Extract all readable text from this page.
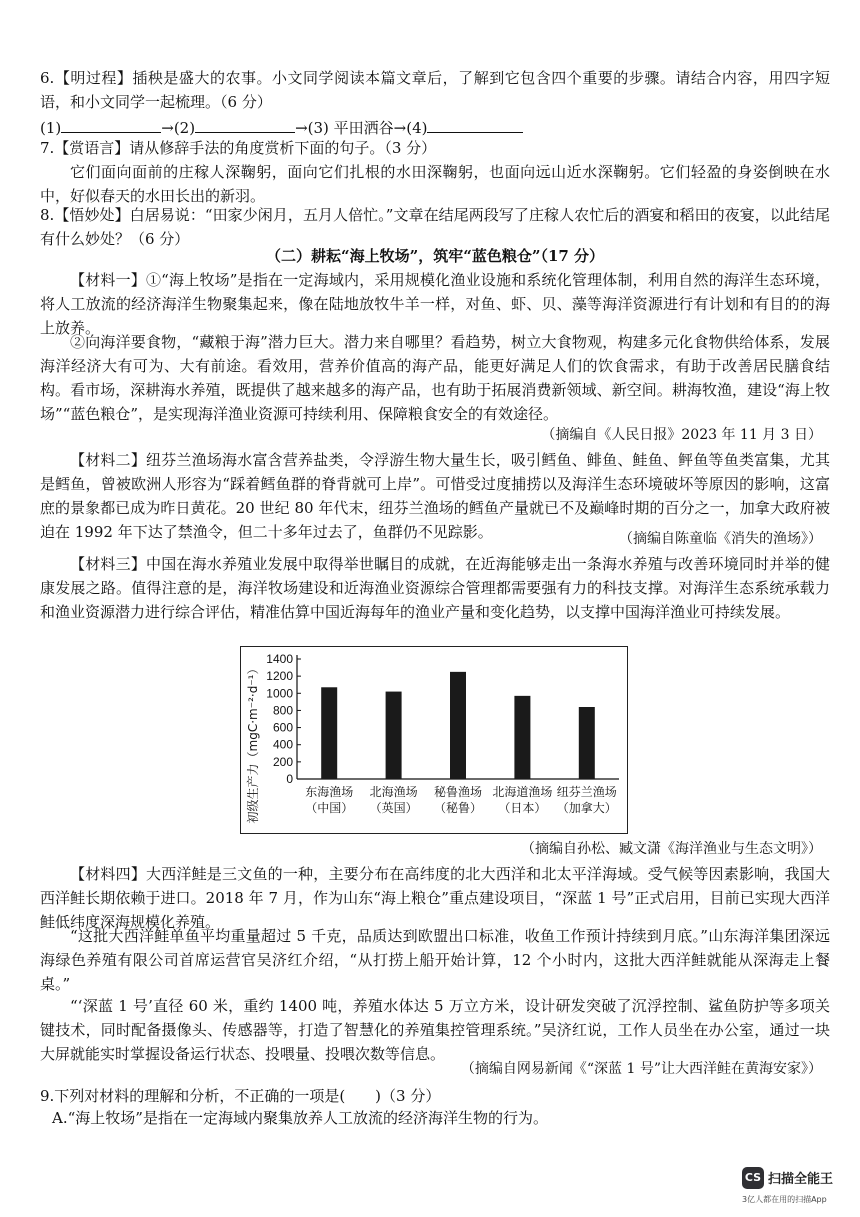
6.【明过程】插秧是盛大的农事。小文同学阅读本篇文章后，了解到它包含四个重要的步骤。请结合内容，用四字短语，和小文同学一起梳理。（6 分）
(1)	→(2)	→(3) 平田洒谷→(4)
7.【赏语言】请从修辞手法的角度赏析下面的句子。（3 分）
它们面向面前的庄稼人深鞠躬，面向它们扎根的水田深鞠躬，也面向远山近水深鞠躬。它们轻盈的身姿倒映在水中，好似春天的水田长出的新羽。
8.【悟妙处】白居易说：“田家少闲月，五月人倍忙。”文章在结尾两段写了庄稼人农忙后的酒宴和稻田的夜宴，以此结尾有什么妙处？（6 分）
（二）耕耘“海上牧场”，筑牢“蓝色粮仓”（17 分）
【材料一】①“海上牧场”是指在一定海域内，采用规模化渔业设施和系统化管理体制，利用自然的海洋生态环境，将人工放流的经济海洋生物聚集起来，像在陆地放牧牛羊一样，对鱼、虾、贝、藻等海洋资源进行有计划和有目的的海上放养。
②向海洋要食物，“藏粮于海”潜力巨大。潜力来自哪里？看趋势，树立大食物观，构建多元化食物供给体系，发展海洋经济大有可为、大有前途。看效用，营养价值高的海产品，能更好满足人们的饮食需求，有助于改善居民膳食结构。看市场，深耕海水养殖，既提供了越来越多的海产品，也有助于拓展消费新领域、新空间。耕海牧渔，建设“海上牧场”“蓝色粮仓”，是实现海洋渔业资源可持续利用、保障粮食安全的有效途径。
（摘编自《人民日报》2023 年 11 月 3 日）
【材料二】纽芬兰渔场海水富含营养盐类，令浮游生物大量生长，吸引鳕鱼、鲱鱼、鲑鱼、鲆鱼等鱼类富集，尤其是鳕鱼，曾被欧洲人形容为“踩着鳕鱼群的脊背就可上岸”。可惜受过度捕捞以及海洋生态环境破坏等原因的影响，这富庶的景象都已成为昨日黄花。20 世纪 80 年代末，纽芬兰渔场的鳕鱼产量就已不及巅峰时期的百分之一，加拿大政府被迫在 1992 年下达了禁渔令，但二十多年过去了，鱼群仍不见踪影。	（摘编自陈童临《消失的渔场》）
【材料三】中国在海水养殖业发展中取得举世瞩目的成就，在近海能够走出一条海水养殖与改善环境同时并举的健康发展之路。值得注意的是，海洋牧场建设和近海渔业资源综合管理都需要强有力的科技支撑。对海洋生态系统承载力和渔业资源潜力进行综合评估，精准估算中国近海每年的渔业产量和变化趋势，以支撑中国海洋渔业可持续发展。
0
200
400
600
800
1000
1200
1400
初级生产力（mgC·m⁻²·d⁻¹）	东海渔场
（中国）
北海渔场
（英国）
秘鲁渔场
（秘鲁）
北海道渔场
（日本）
纽芬兰渔场
（加拿大）
（摘编自孙松、臧文潇《海洋渔业与生态文明》）
【材料四】大西洋鲑是三文鱼的一种，主要分布在高纬度的北大西洋和北太平洋海域。受气候等因素影响，我国大西洋鲑长期依赖于进口。2018 年 7 月，作为山东“海上粮仓”重点建设项目，“深蓝 1 号”正式启用，目前已实现大西洋鲑低纬度深海规模化养殖。
“这批大西洋鲑单鱼平均重量超过 5 千克，品质达到欧盟出口标准，收鱼工作预计持续到月底。”山东海洋集团深远海绿色养殖有限公司首席运营官吴济红介绍，“从打捞上船开始计算，12 个小时内，这批大西洋鲑就能从深海走上餐桌。”
“‘深蓝 1 号’直径 60 米，重约 1400 吨，养殖水体达 5 万立方米，设计研发突破了沉浮控制、鲨鱼防护等多项关键技术，同时配备摄像头、传感器等，打造了智慧化的养殖集控管理系统。”吴济红说，工作人员坐在办公室，通过一块大屏就能实时掌握设备运行状态、投喂量、投喂次数等信息。
（摘编自网易新闻《“深蓝 1 号”让大西洋鲑在黄海安家》）
9.下列对材料的理解和分析，不正确的一项是(　　)（3 分）
A.“海上牧场”是指在一定海域内聚集放养人工放流的经济海洋生物的行为。
CS 扫描全能王
3亿人都在用的扫描App
